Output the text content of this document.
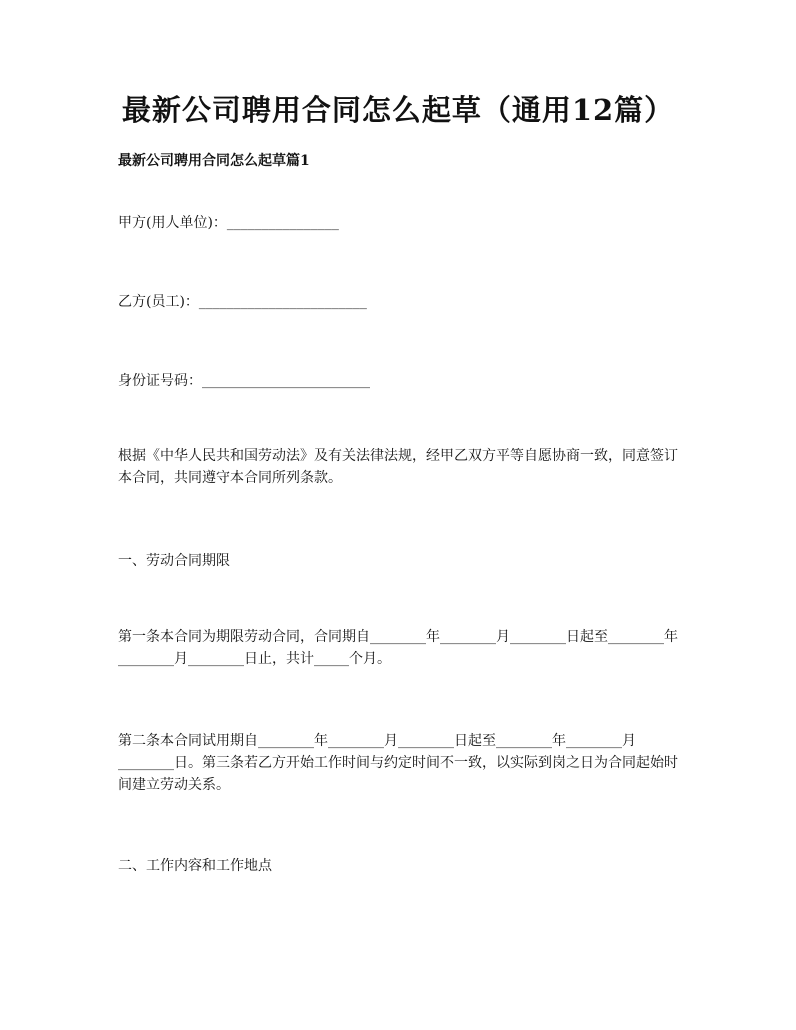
最新公司聘用合同怎么起草（通用12篇）
最新公司聘用合同怎么起草篇1
甲方(用人单位)：________________
乙方(员工)：________________________
身份证号码：________________________
根据《中华人民共和国劳动法》及有关法律法规，经甲乙双方平等自愿协商一致，同意签订本合同，共同遵守本合同所列条款。
一、劳动合同期限
第一条本合同为期限劳动合同，合同期自________年________月________日起至________年________月________日止，共计_____个月。
第二条本合同试用期自________年________月________日起至________年________月________日。第三条若乙方开始工作时间与约定时间不一致，以实际到岗之日为合同起始时间建立劳动关系。
二、工作内容和工作地点
